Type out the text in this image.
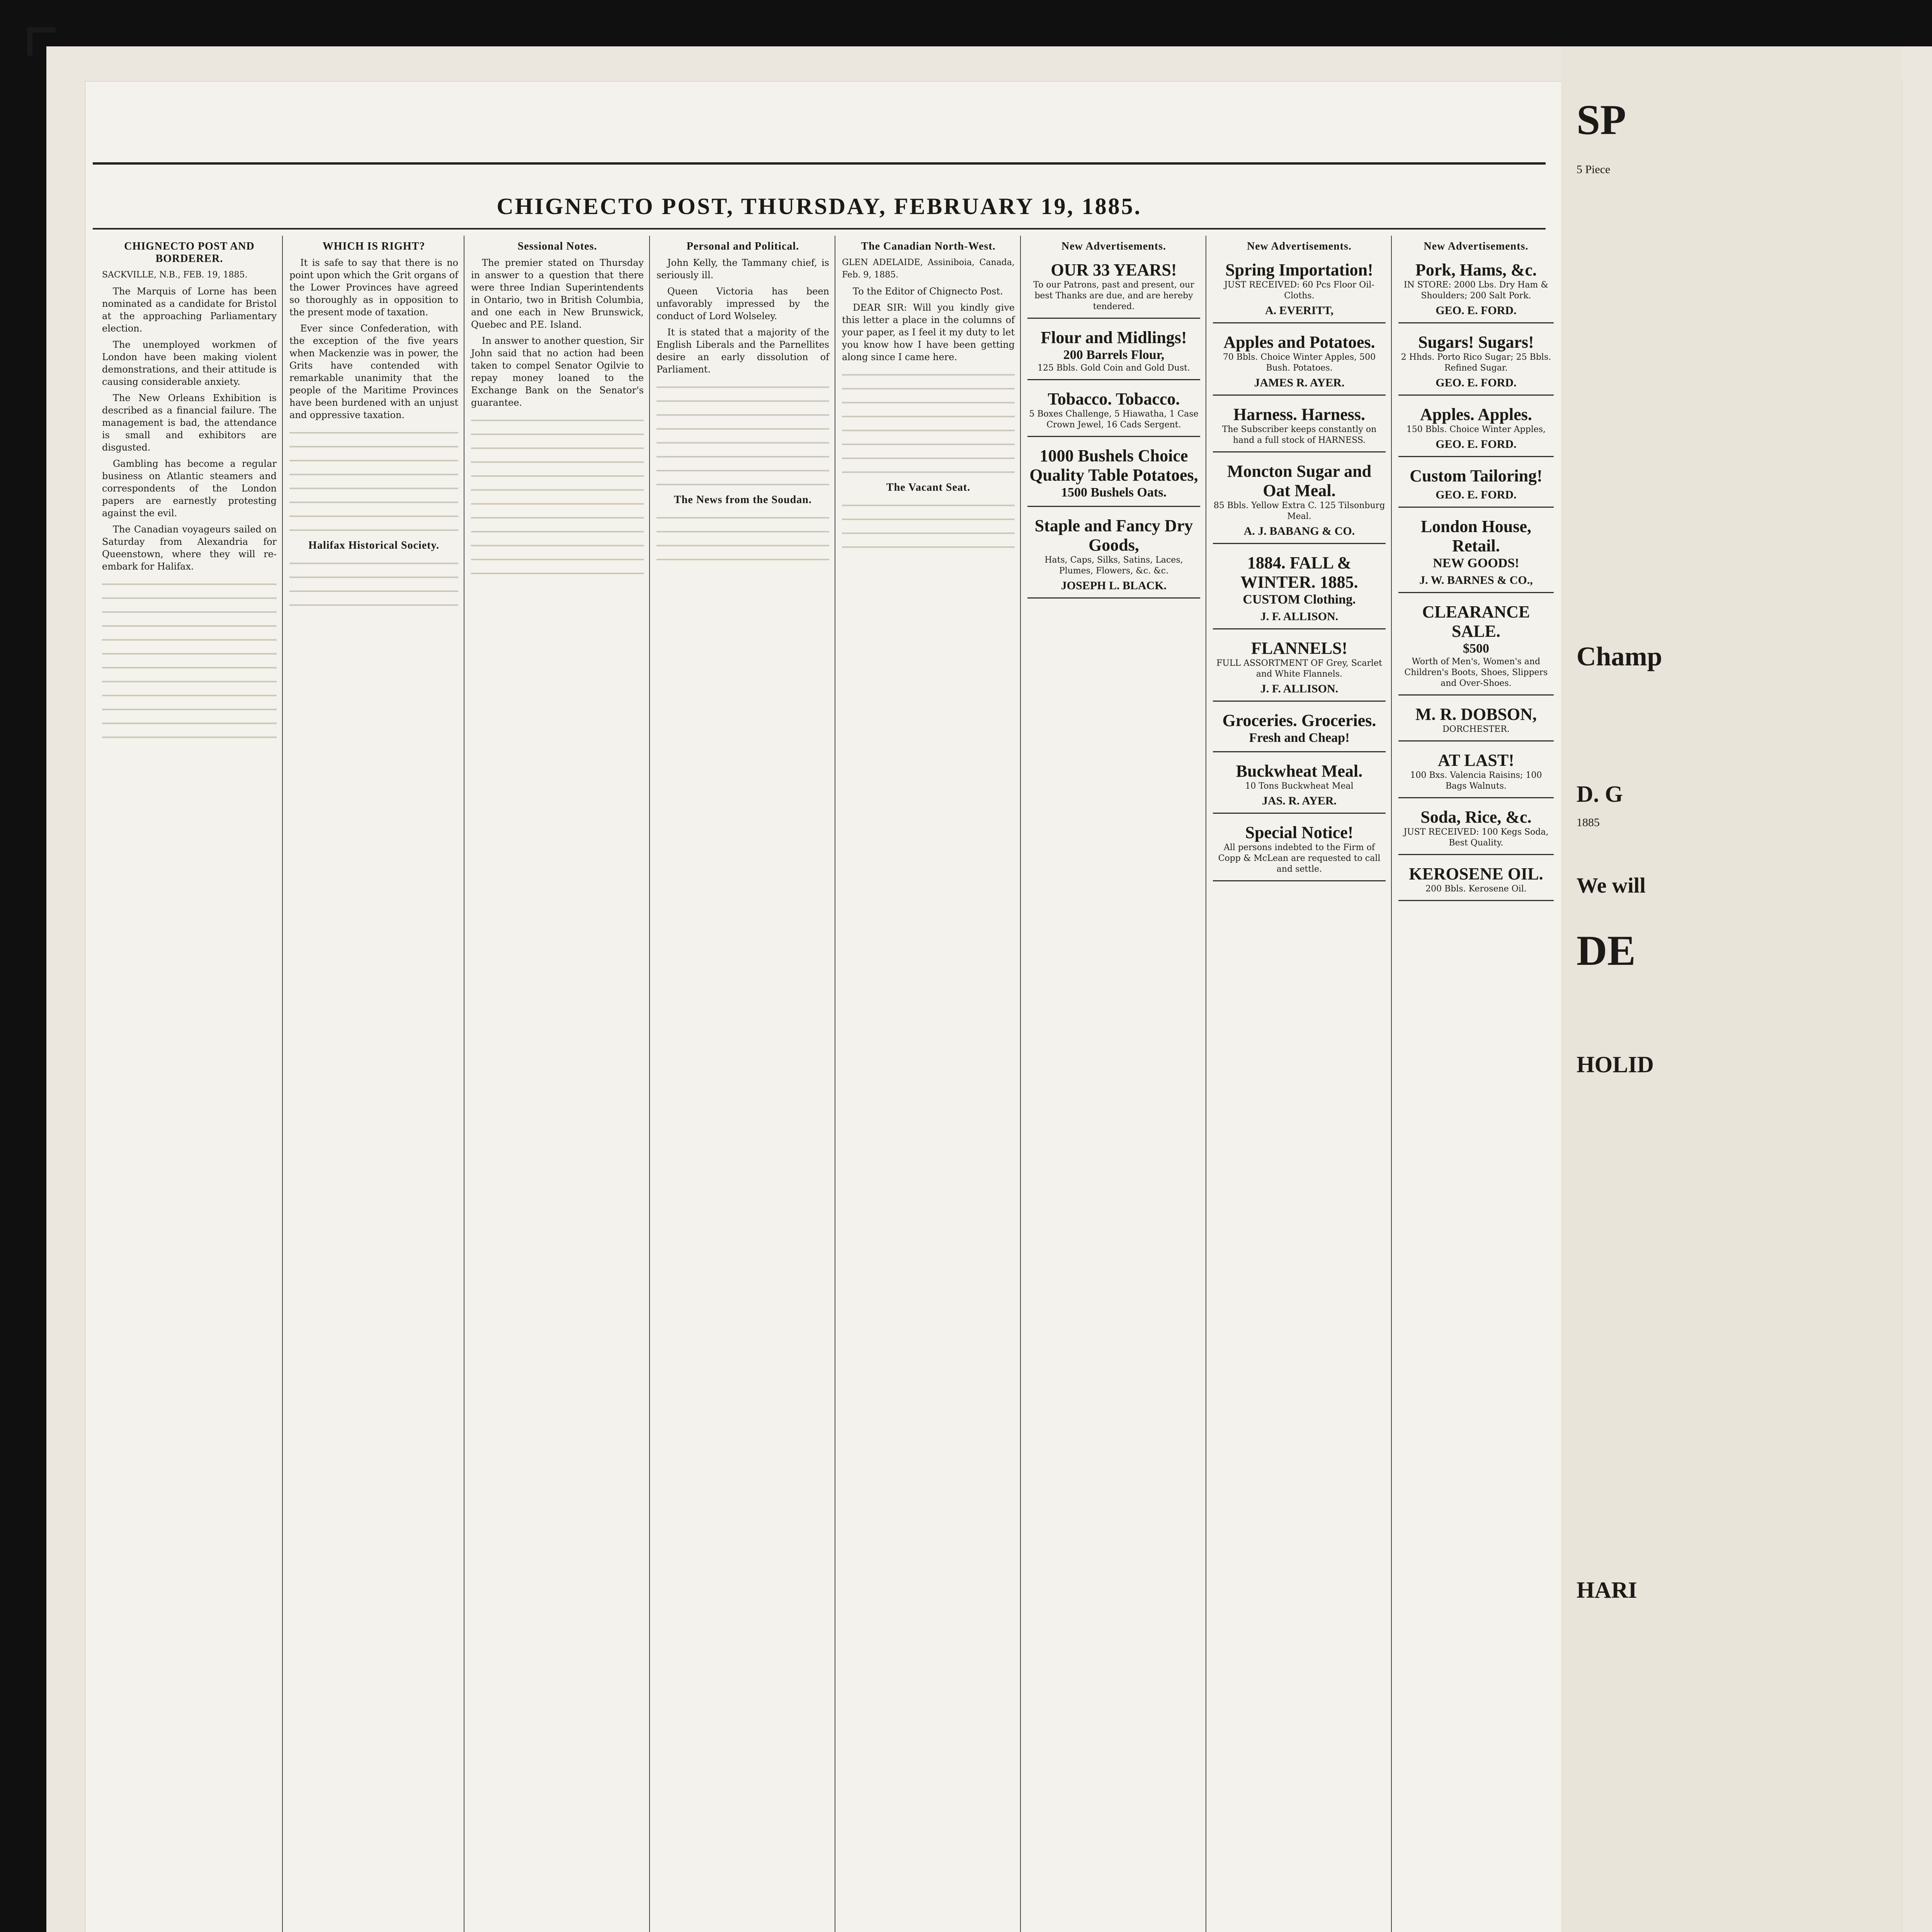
CHIGNECTO POST, THURSDAY, FEBRUARY 19, 1885.
CHIGNECTO POST AND BORDERER.
SACKVILLE, N.B., FEB. 19, 1885.

The Marquis of Lorne has been nominated as a candidate for Bristol at the approaching Parliamentary election.

The unemployed workmen of London have been making violent demonstrations, and their attitude is causing considerable anxiety.

The New Orleans Exhibition is described as a financial failure. The management is bad, the attendance is small and exhibitors are disgusted.

Gambling has become a regular business on Atlantic steamers and correspondents of the London papers are earnestly protesting against the evil.

The Canadian voyageurs sailed on Saturday from Alexandria for Queenstown, where they will re-embark for Halifax.

WHICH IS RIGHT?

It is safe to say that there is no point upon which the Grit organs of the Lower Provinces have agreed so thoroughly as in opposition to the present mode of taxation.

Ever since Confederation, with the exception of the five years when Mackenzie was in power, the Grits have contended with remarkable unanimity that the people of the Maritime Provinces have been burdened with an unjust and oppressive taxation.

Halifax Historical Society.
Sessional Notes.

The premier stated on Thursday in answer to a question that there were three Indian Superintendents in Ontario, two in British Columbia, and one each in New Brunswick, Quebec and P.E. Island.

In answer to another question, Sir John said that no action had been taken to compel Senator Ogilvie to repay money loaned to the Exchange Bank on the Senator's guarantee.

Personal and Political.

John Kelly, the Tammany chief, is seriously ill.

Queen Victoria has been unfavorably impressed by the conduct of Lord Wolseley.

It is stated that a majority of the English Liberals and the Parnellites desire an early dissolution of Parliament.

The News from the Soudan.
The Canadian North-West.
GLEN ADELAIDE, Assiniboia, Canada, Feb. 9, 1885.

To the Editor of Chignecto Post.

DEAR SIR: Will you kindly give this letter a place in the columns of your paper, as I feel it my duty to let you know how I have been getting along since I came here.

The Vacant Seat.
New Advertisements.
OUR 33 YEARS!
To our Patrons, past and present, our best Thanks are due, and are hereby tendered.
Flour and Midlings!
200 Barrels Flour,
125 Bbls. Gold Coin and Gold Dust.
Tobacco. Tobacco.
5 Boxes Challenge, 5 Hiawatha, 1 Case Crown Jewel, 16 Cads Sergent.
1000 Bushels Choice Quality Table Potatoes,
1500 Bushels Oats.
Staple and Fancy Dry Goods,
Hats, Caps, Silks, Satins, Laces, Plumes, Flowers, &c. &c.
JOSEPH L. BLACK.
New Advertisements.
Spring Importation!
JUST RECEIVED: 60 Pcs Floor Oil-Cloths.
A. EVERITT,
Apples and Potatoes.
70 Bbls. Choice Winter Apples, 500 Bush. Potatoes.
JAMES R. AYER.
Harness. Harness.
The Subscriber keeps constantly on hand a full stock of HARNESS.
Moncton Sugar and Oat Meal.
85 Bbls. Yellow Extra C. 125 Tilsonburg Meal.
A. J. BABANG & CO.
1884. FALL & WINTER. 1885.
CUSTOM Clothing.
J. F. ALLISON.
FLANNELS!
FULL ASSORTMENT OF Grey, Scarlet and White Flannels.
J. F. ALLISON.
Groceries. Groceries.
Fresh and Cheap!
Buckwheat Meal.
10 Tons Buckwheat Meal
JAS. R. AYER.
Special Notice!
All persons indebted to the Firm of Copp & McLean are requested to call and settle.
New Advertisements.
Pork, Hams, &c.
IN STORE: 2000 Lbs. Dry Ham & Shoulders; 200 Salt Pork.
GEO. E. FORD.
Sugars! Sugars!
2 Hhds. Porto Rico Sugar; 25 Bbls. Refined Sugar.
GEO. E. FORD.
Apples. Apples.
150 Bbls. Choice Winter Apples,
GEO. E. FORD.
Custom Tailoring!
GEO. E. FORD.
London House, Retail.
NEW GOODS!
J. W. BARNES & CO.,
CLEARANCE SALE.
$500
Worth of Men's, Women's and Children's Boots, Shoes, Slippers and Over-Shoes.
M. R. DOBSON,
DORCHESTER.
AT LAST!
100 Bxs. Valencia Raisins; 100 Bags Walnuts.
Soda, Rice, &c.
JUST RECEIVED: 100 Kegs Soda, Best Quality.
KEROSENE OIL.
200 Bbls. Kerosene Oil.
SP
5 Piece
Champ
D. G
1885
We will
DE
HOLID
HARI
